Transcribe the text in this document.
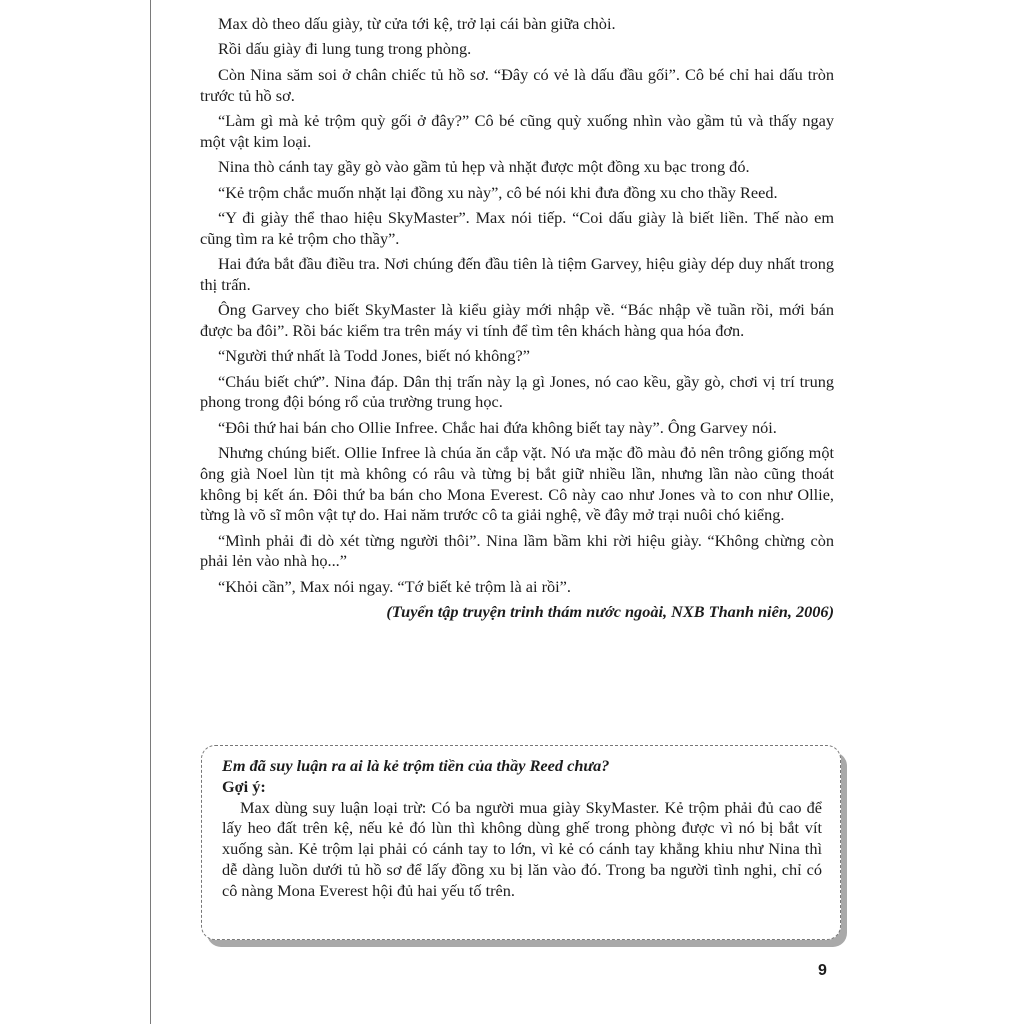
Max dò theo dấu giày, từ cửa tới kệ, trở lại cái bàn giữa chòi.

Rồi dấu giày đi lung tung trong phòng.

Còn Nina săm soi ở chân chiếc tủ hồ sơ. “Đây có vẻ là dấu đầu gối”. Cô bé chỉ hai dấu tròn trước tủ hồ sơ.

“Làm gì mà kẻ trộm quỳ gối ở đây?” Cô bé cũng quỳ xuống nhìn vào gầm tủ và thấy ngay một vật kim loại.

Nina thò cánh tay gầy gò vào gầm tủ hẹp và nhặt được một đồng xu bạc trong đó.

“Kẻ trộm chắc muốn nhặt lại đồng xu này”, cô bé nói khi đưa đồng xu cho thầy Reed.

“Y đi giày thể thao hiệu SkyMaster”. Max nói tiếp. “Coi dấu giày là biết liền. Thế nào em cũng tìm ra kẻ trộm cho thầy”.

Hai đứa bắt đầu điều tra. Nơi chúng đến đầu tiên là tiệm Garvey, hiệu giày dép duy nhất trong thị trấn.

Ông Garvey cho biết SkyMaster là kiểu giày mới nhập về. “Bác nhập về tuần rồi, mới bán được ba đôi”. Rồi bác kiểm tra trên máy vi tính để tìm tên khách hàng qua hóa đơn.

“Người thứ nhất là Todd Jones, biết nó không?”

“Cháu biết chứ”. Nina đáp. Dân thị trấn này lạ gì Jones, nó cao kều, gầy gò, chơi vị trí trung phong trong đội bóng rổ của trường trung học.

“Đôi thứ hai bán cho Ollie Infree. Chắc hai đứa không biết tay này”. Ông Garvey nói.

Nhưng chúng biết. Ollie Infree là chúa ăn cắp vặt. Nó ưa mặc đồ màu đỏ nên trông giống một ông già Noel lùn tịt mà không có râu và từng bị bắt giữ nhiều lần, nhưng lần nào cũng thoát không bị kết án. Đôi thứ ba bán cho Mona Everest. Cô này cao như Jones và to con như Ollie, từng là võ sĩ môn vật tự do. Hai năm trước cô ta giải nghệ, về đây mở trại nuôi chó kiểng.

“Mình phải đi dò xét từng người thôi”. Nina lầm bầm khi rời hiệu giày. “Không chừng còn phải lẻn vào nhà họ...”

“Khỏi cần”, Max nói ngay. “Tớ biết kẻ trộm là ai rồi”.

(Tuyển tập truyện trinh thám nước ngoài, NXB Thanh niên, 2006)

Em đã suy luận ra ai là kẻ trộm tiền của thầy Reed chưa?

Gợi ý:

Max dùng suy luận loại trừ: Có ba người mua giày SkyMaster. Kẻ trộm phải đủ cao để lấy heo đất trên kệ, nếu kẻ đó lùn thì không dùng ghế trong phòng được vì nó bị bắt vít xuống sàn. Kẻ trộm lại phải có cánh tay to lớn, vì kẻ có cánh tay khẳng khiu như Nina thì dễ dàng luồn dưới tủ hồ sơ để lấy đồng xu bị lăn vào đó. Trong ba người tình nghi, chỉ có cô nàng Mona Everest hội đủ hai yếu tố trên.

9
